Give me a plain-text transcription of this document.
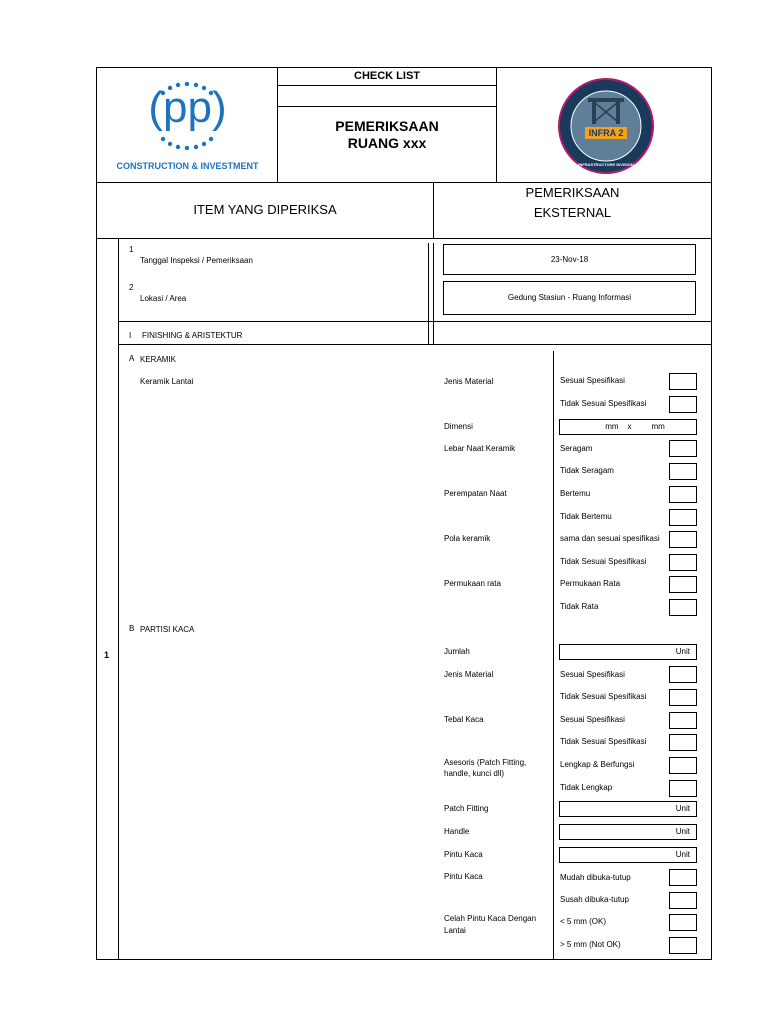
(pp)
CONSTRUCTION & INVESTMENT
CHECK LIST
PEMERIKSAAN
RUANG xxx
INFRA 2
INFRASTRUCTURE DIVISION
ITEM YANG DIPERIKSA
PEMERIKSAAN
EKSTERNAL
1
1
Tanggal Inspeksi / Pemeriksaan	23-Nov-18
2
Lokasi / Area	Gedung Stasiun - Ruang Informasi
I FINISHING & ARISTEKTUR
A KERAMIK
Keramik Lantai	Jenis Material	Sesuai Spesifikasi
Tidak Sesuai Spesifikasi
Dimensi	mm    x         mm
Lebar Naat Keramik	Seragam
Tidak Seragam
Perempatan Naat	Bertemu
Tidak Bertemu
Pola keramik	sama dan sesuai spesifikasi
Tidak Sesuai Spesifikasi
Permukaan rata	Permukaan Rata
Tidak Rata
B PARTISI KACA
Jumlah	Unit
Jenis Material	Sesuai Spesifikasi
Tidak Sesuai Spesifikasi
Tebal Kaca	Sesuai Spesifikasi
Tidak Sesuai Spesifikasi
Asesoris (Patch Fitting,
handle, kunci dll)
Lengkap & Berfungsi
Tidak Lengkap
Patch Fitting	Unit
Handle	Unit
Pintu Kaca	Unit
Pintu Kaca	Mudah dibuka-tutup
Susah dibuka-tutup
Celah Pintu Kaca Dengan
Lantai
< 5 mm (OK)
> 5 mm (Not OK)
